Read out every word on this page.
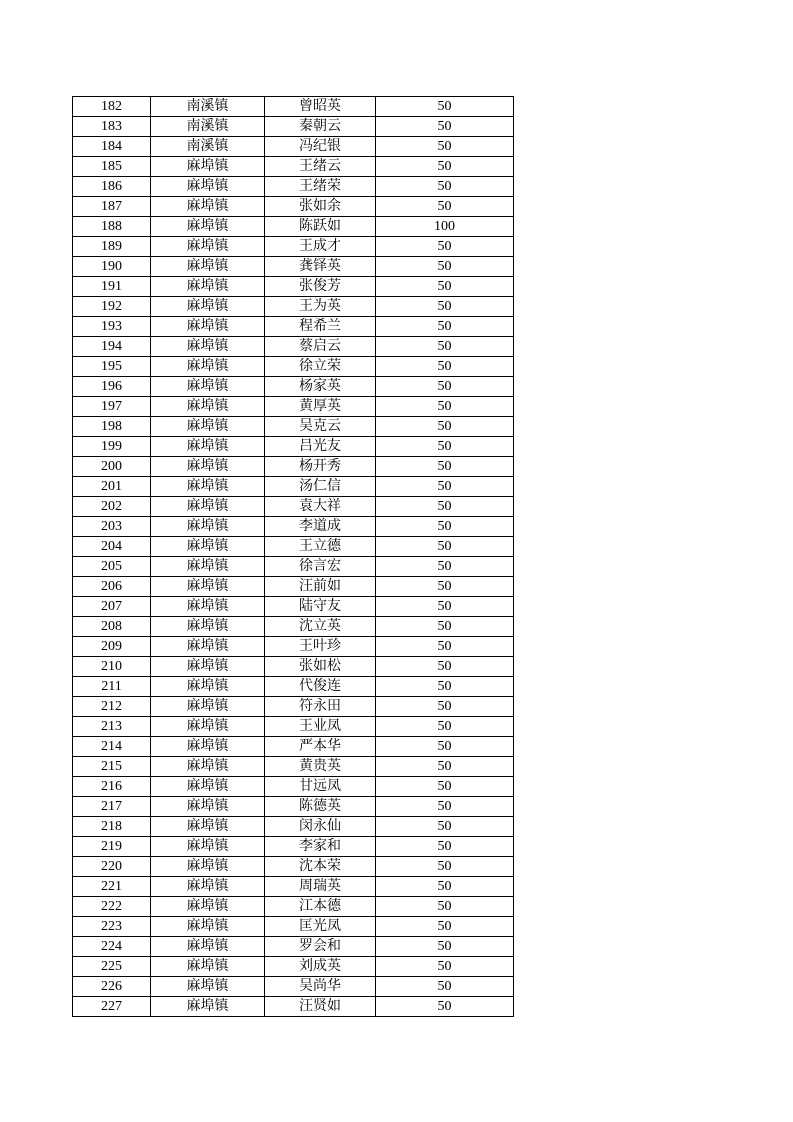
182	南溪镇	曾昭英	50
183	南溪镇	秦朝云	50
184	南溪镇	冯纪银	50
185	麻埠镇	王绪云	50
186	麻埠镇	王绪荣	50
187	麻埠镇	张如余	50
188	麻埠镇	陈跃如	100
189	麻埠镇	王成才	50
190	麻埠镇	龚铎英	50
191	麻埠镇	张俊芳	50
192	麻埠镇	王为英	50
193	麻埠镇	程希兰	50
194	麻埠镇	蔡启云	50
195	麻埠镇	徐立荣	50
196	麻埠镇	杨家英	50
197	麻埠镇	黄厚英	50
198	麻埠镇	吴克云	50
199	麻埠镇	吕光友	50
200	麻埠镇	杨开秀	50
201	麻埠镇	汤仁信	50
202	麻埠镇	袁大祥	50
203	麻埠镇	李道成	50
204	麻埠镇	王立德	50
205	麻埠镇	徐言宏	50
206	麻埠镇	汪前如	50
207	麻埠镇	陆守友	50
208	麻埠镇	沈立英	50
209	麻埠镇	王叶珍	50
210	麻埠镇	张如松	50
211	麻埠镇	代俊连	50
212	麻埠镇	符永田	50
213	麻埠镇	王业凤	50
214	麻埠镇	严本华	50
215	麻埠镇	黄贵英	50
216	麻埠镇	甘远凤	50
217	麻埠镇	陈德英	50
218	麻埠镇	闵永仙	50
219	麻埠镇	李家和	50
220	麻埠镇	沈本荣	50
221	麻埠镇	周瑞英	50
222	麻埠镇	江本德	50
223	麻埠镇	匡光凤	50
224	麻埠镇	罗会和	50
225	麻埠镇	刘成英	50
226	麻埠镇	吴尚华	50
227	麻埠镇	汪贤如	50
